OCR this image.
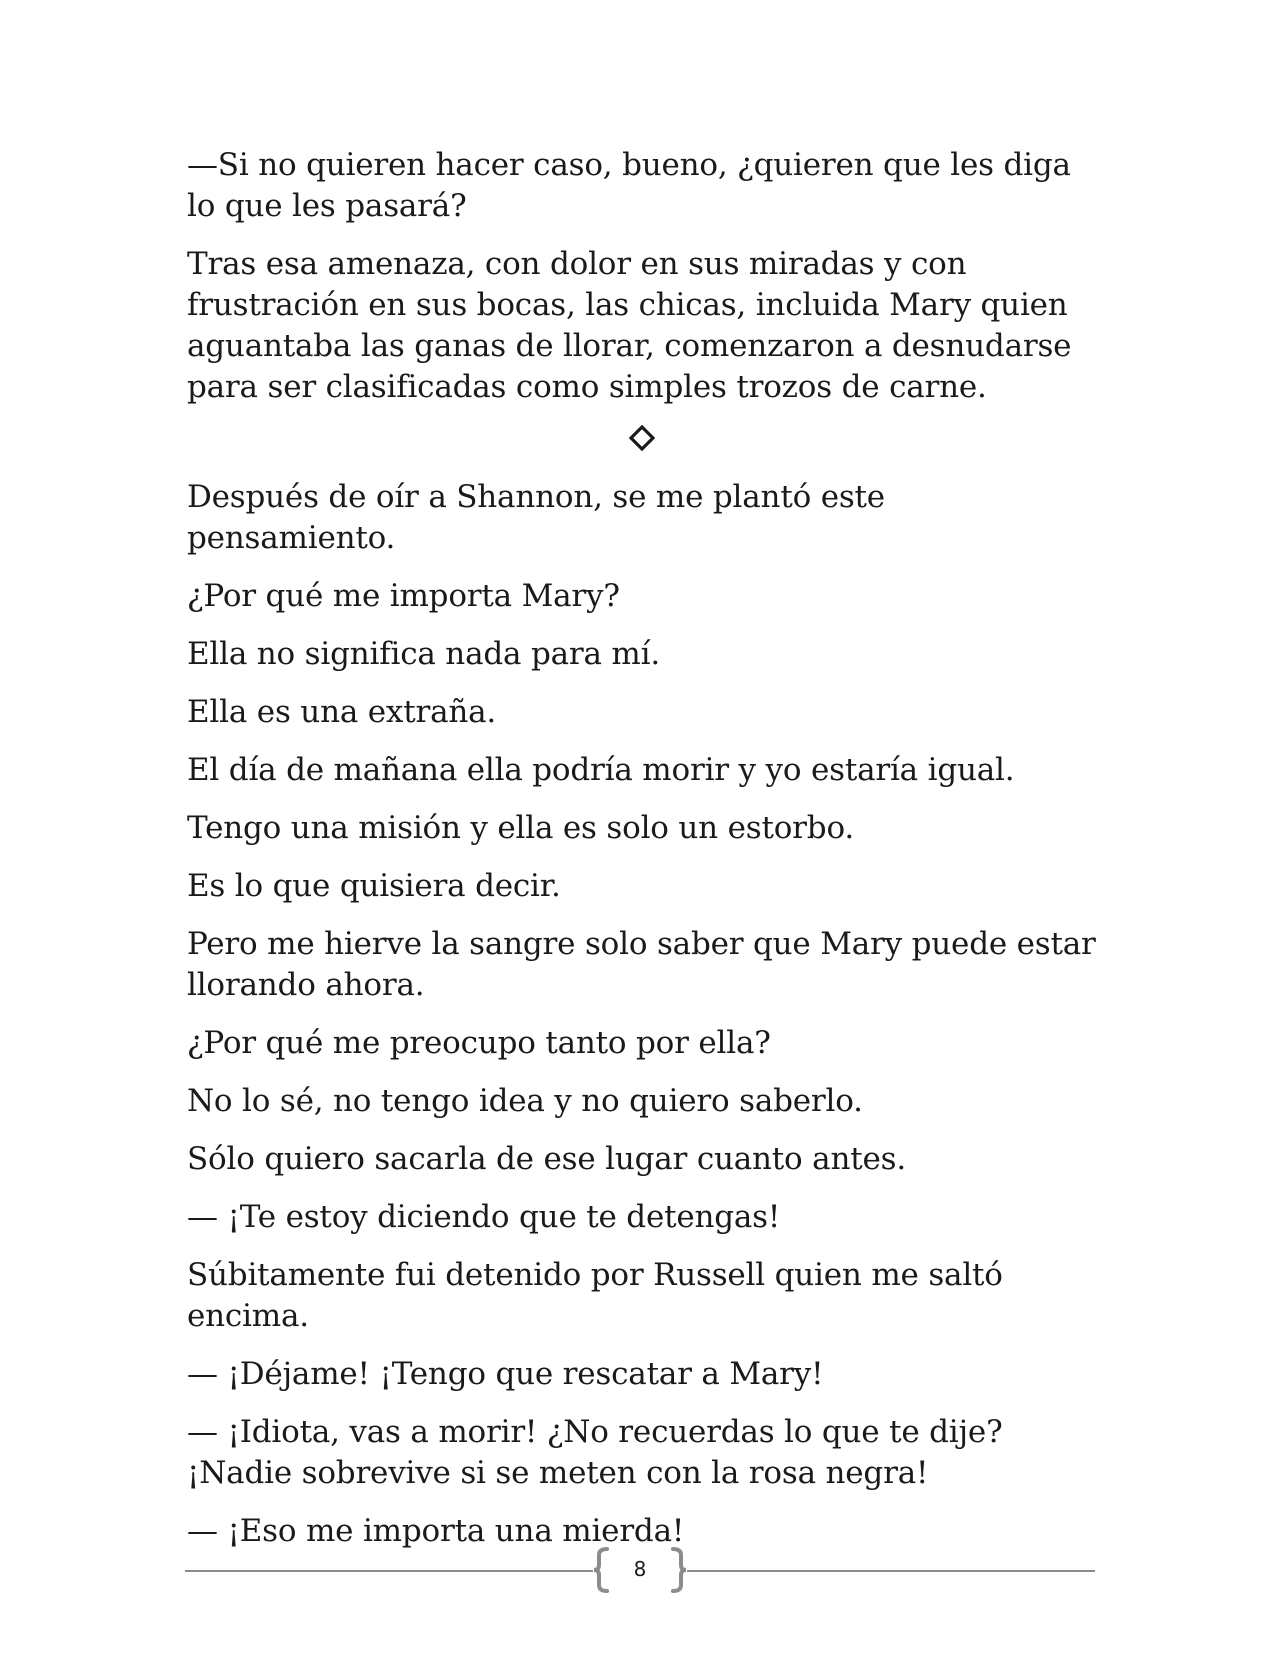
—Si no quieren hacer caso, bueno, ¿quieren que les diga lo que les pasará?

Tras esa amenaza, con dolor en sus miradas y con frustración en sus bocas, las chicas, incluida Mary quien aguantaba las ganas de llorar, comenzaron a desnudarse para ser clasificadas como simples trozos de carne.

Después de oír a Shannon, se me plantó este pensamiento.

¿Por qué me importa Mary?

Ella no significa nada para mí.

Ella es una extraña.

El día de mañana ella podría morir y yo estaría igual.

Tengo una misión y ella es solo un estorbo.

Es lo que quisiera decir.

Pero me hierve la sangre solo saber que Mary puede estar llorando ahora.

¿Por qué me preocupo tanto por ella?

No lo sé, no tengo idea y no quiero saberlo.

Sólo quiero sacarla de ese lugar cuanto antes.

— ¡Te estoy diciendo que te detengas!

Súbitamente fui detenido por Russell quien me saltó encima.

— ¡Déjame! ¡Tengo que rescatar a Mary!

— ¡Idiota, vas a morir! ¿No recuerdas lo que te dije? ¡Nadie sobrevive si se meten con la rosa negra!

— ¡Eso me importa una mierda!

8
